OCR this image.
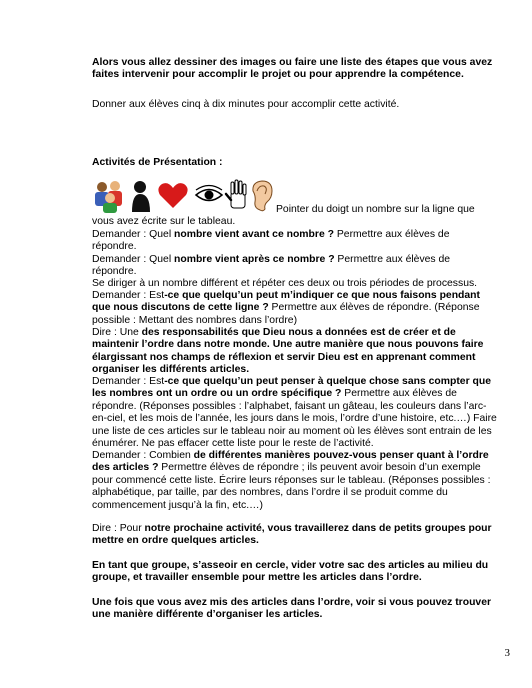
Alors vous allez dessiner des images ou faire une liste des étapes que vous avez
faites intervenir pour accomplir le projet ou pour apprendre la compétence.
Donner aux élèves cinq à dix minutes pour accomplir cette activité.
Activités de Présentation :
Pointer du doigt un nombre sur la ligne que
vous avez écrite sur le tableau.
Demander : Quel nombre vient avant ce nombre ? Permettre aux élèves de
répondre.
Demander : Quel nombre vient après ce nombre ? Permettre aux élèves de
répondre.
Se diriger à un nombre différent et répéter ces deux ou trois périodes de processus.
Demander : Est-ce que quelqu’un peut m’indiquer ce que nous faisons pendant
que nous discutons de cette ligne ? Permettre aux élèves de répondre. (Réponse
possible : Mettant des nombres dans l’ordre)
Dire : Une des responsabilités que Dieu nous a données est de créer et de
maintenir l’ordre dans notre monde. Une autre manière que nous pouvons faire
élargissant nos champs de réflexion et servir Dieu est en apprenant comment
organiser les différents articles.
Demander : Est-ce que quelqu’un peut penser à quelque chose sans compter que
les nombres ont un ordre ou un ordre spécifique ? Permettre aux élèves de
répondre. (Réponses possibles : l’alphabet, faisant un gâteau, les couleurs dans l’arc-
en-ciel, et les mois de l’année, les jours dans le mois, l’ordre d’une histoire, etc.…) Faire
une liste de ces articles sur le tableau noir au moment où les élèves sont entrain de les
énumérer. Ne pas effacer cette liste pour le reste de l’activité.
Demander : Combien de différentes manières pouvez-vous penser quant à l’ordre
des articles ? Permettre élèves de répondre ; ils peuvent avoir besoin d’un exemple
pour commencé cette liste. Écrire leurs réponses sur le tableau. (Réponses possibles :
alphabétique, par taille, par des nombres, dans l’ordre il se produit comme du
commencement jusqu’à la fin, etc.…)
Dire : Pour notre prochaine activité, vous travaillerez dans de petits groupes pour
mettre en ordre quelques articles.
En tant que groupe, s’asseoir en cercle, vider votre sac des articles au milieu du
groupe, et travailler ensemble pour mettre les articles dans l’ordre.
Une fois que vous avez mis des articles dans l’ordre, voir si vous pouvez trouver
une manière différente d’organiser les articles.
3
